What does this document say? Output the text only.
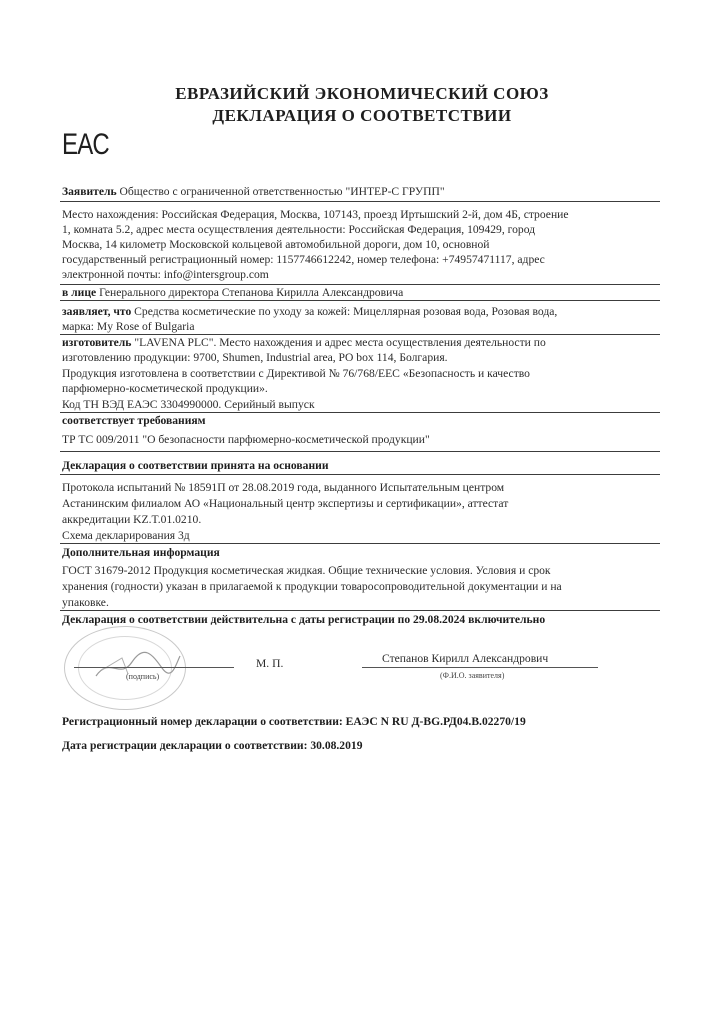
ЕВРАЗИЙСКИЙ ЭКОНОМИЧЕСКИЙ СОЮЗ
ДЕКЛАРАЦИЯ О СООТВЕТСТВИИ
EAC
Заявитель Общество с ограниченной ответственностью "ИНТЕР-С ГРУПП"
Место нахождения: Российская Федерация, Москва, 107143, проезд Иртышский 2-й, дом 4Б, строение
1, комната 5.2, адрес места осуществления деятельности: Российская Федерация, 109429, город
Москва, 14 километр Московской кольцевой автомобильной дороги, дом 10, основной
государственный регистрационный номер: 1157746612242, номер телефона: +74957471117, адрес
электронной почты: info@intersgroup.com
в лице Генерального директора Степанова Кирилла Александровича
заявляет, что Средства косметические по уходу за кожей: Мицеллярная розовая вода, Розовая вода,
марка: My Rose of Bulgaria
изготовитель "LAVENA PLC". Место нахождения и адрес места осуществления деятельности по
изготовлению продукции: 9700, Shumen, Industrial area, PO box 114, Болгария.
Продукция изготовлена в соответствии с Директивой № 76/768/EEC «Безопасность и качество
парфюмерно-косметической продукции».
Код ТН ВЭД ЕАЭС 3304990000. Серийный выпуск
соответствует требованиям
ТР ТС 009/2011 "О безопасности парфюмерно-косметической продукции"
Декларация о соответствии принята на основании
Протокола испытаний № 18591П от 28.08.2019 года, выданного Испытательным центром
Астанинским филиалом АО «Национальный центр экспертизы и сертификации», аттестат
аккредитации KZ.T.01.0210.
Схема декларирования 3д
Дополнительная информация
ГОСТ 31679-2012 Продукция косметическая жидкая. Общие технические условия. Условия и срок
хранения (годности) указан в прилагаемой к продукции товаросопроводительной документации и на
упаковке.
Декларация о соответствии действительна с даты регистрации по 29.08.2024 включительно
(подпись)
М. П.	Степанов Кирилл Александрович
(Ф.И.О. заявителя)
Регистрационный номер декларации о соответствии: ЕАЭС N RU Д-BG.РД04.В.02270/19
Дата регистрации декларации о соответствии: 30.08.2019
